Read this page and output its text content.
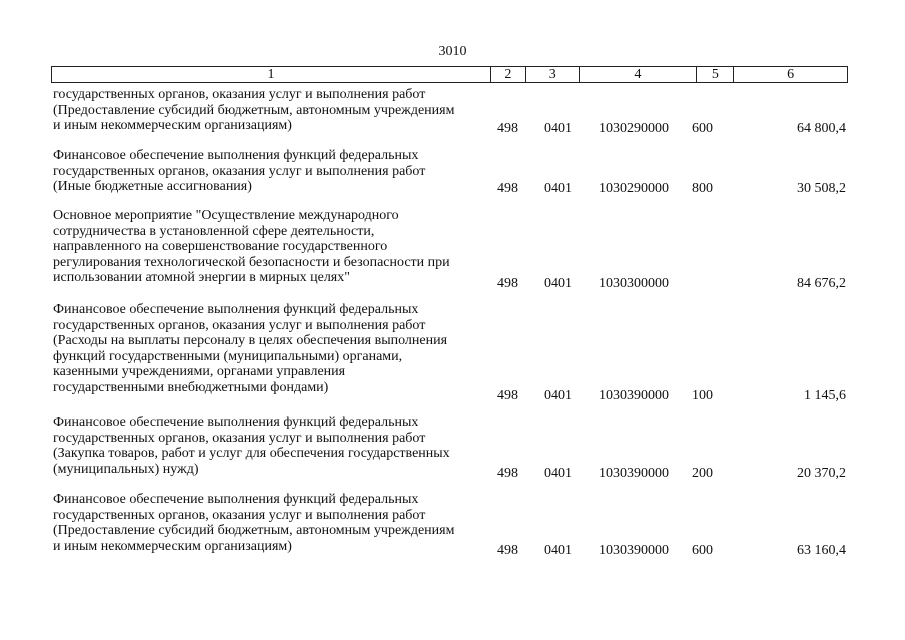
3010
1	2	3	4	5	6
государственных органов, оказания услуг и выполнения работ
(Предоставление субсидий бюджетным, автономным учреждениям
и иным некоммерческим организациям)	498 0401 1030290000 600	64 800,4
Финансовое обеспечение выполнения функций федеральных
государственных органов, оказания услуг и выполнения работ
(Иные бюджетные ассигнования)	498 0401 1030290000 800	30 508,2
Основное мероприятие "Осуществление международного
сотрудничества в установленной сфере деятельности,
направленного на совершенствование государственного
регулирования технологической безопасности и безопасности при
использовании атомной энергии в мирных целях"	498 0401 1030300000	84 676,2
Финансовое обеспечение выполнения функций федеральных
государственных органов, оказания услуг и выполнения работ
(Расходы на выплаты персоналу в целях обеспечения выполнения
функций государственными (муниципальными) органами,
казенными учреждениями, органами управления
государственными внебюджетными фондами)
498 0401 1030390000 100	1 145,6
Финансовое обеспечение выполнения функций федеральных
государственных органов, оказания услуг и выполнения работ
(Закупка товаров, работ и услуг для обеспечения государственных
(муниципальных) нужд)	498 0401 1030390000 200	20 370,2
Финансовое обеспечение выполнения функций федеральных
государственных органов, оказания услуг и выполнения работ
(Предоставление субсидий бюджетным, автономным учреждениям
и иным некоммерческим организациям)	498 0401 1030390000 600	63 160,4
